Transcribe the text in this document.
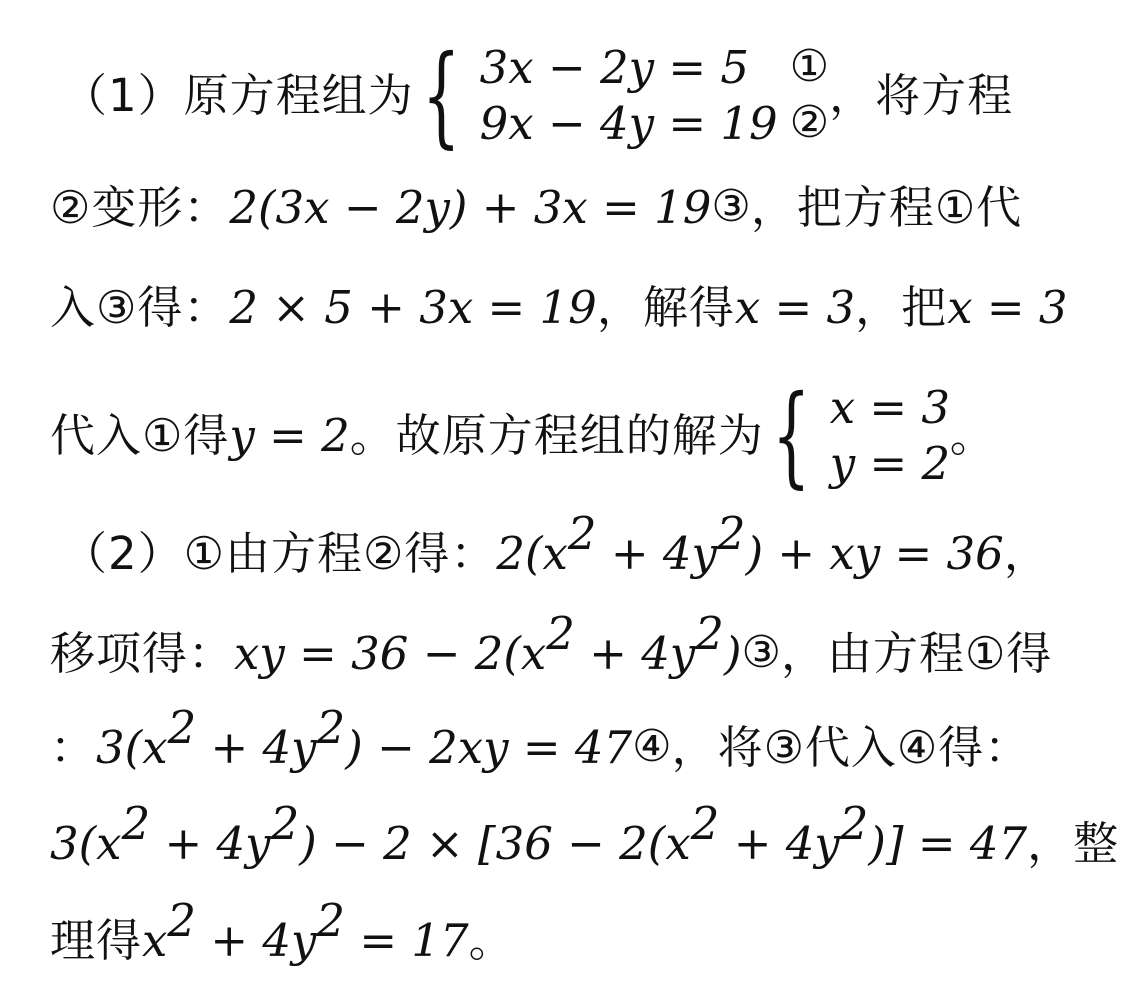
（1）原方程组为 { 3x − 2y = 5 ①
9x − 4y = 19 ②
，将方程
②变形： 2(3x − 2y) + 3x = 19 ③ ，把方程①代
入③得： 2 × 5 + 3x = 19 ，解得 x = 3 ，把 x = 3
代入①得 y = 2 。故原方程组的解为 { x = 3
y = 2
。
（2）①由方程②得： $2(x^2 + 4y^2)$ + xy = 36 ，
移项得： xy = $36 - 2(x^2 + 4y^2)$ ③ ，由方程①得
： $3(x^2 + 4y^2) - 2xy = 47$ ④ ，将③代入④得：
$3(x^2 + 4y^2) - 2 \times [36 - 2(x^2 + 4y^2)] = 47$ ，整
理得 $x^2 + 4y^2 = 17$ 。
